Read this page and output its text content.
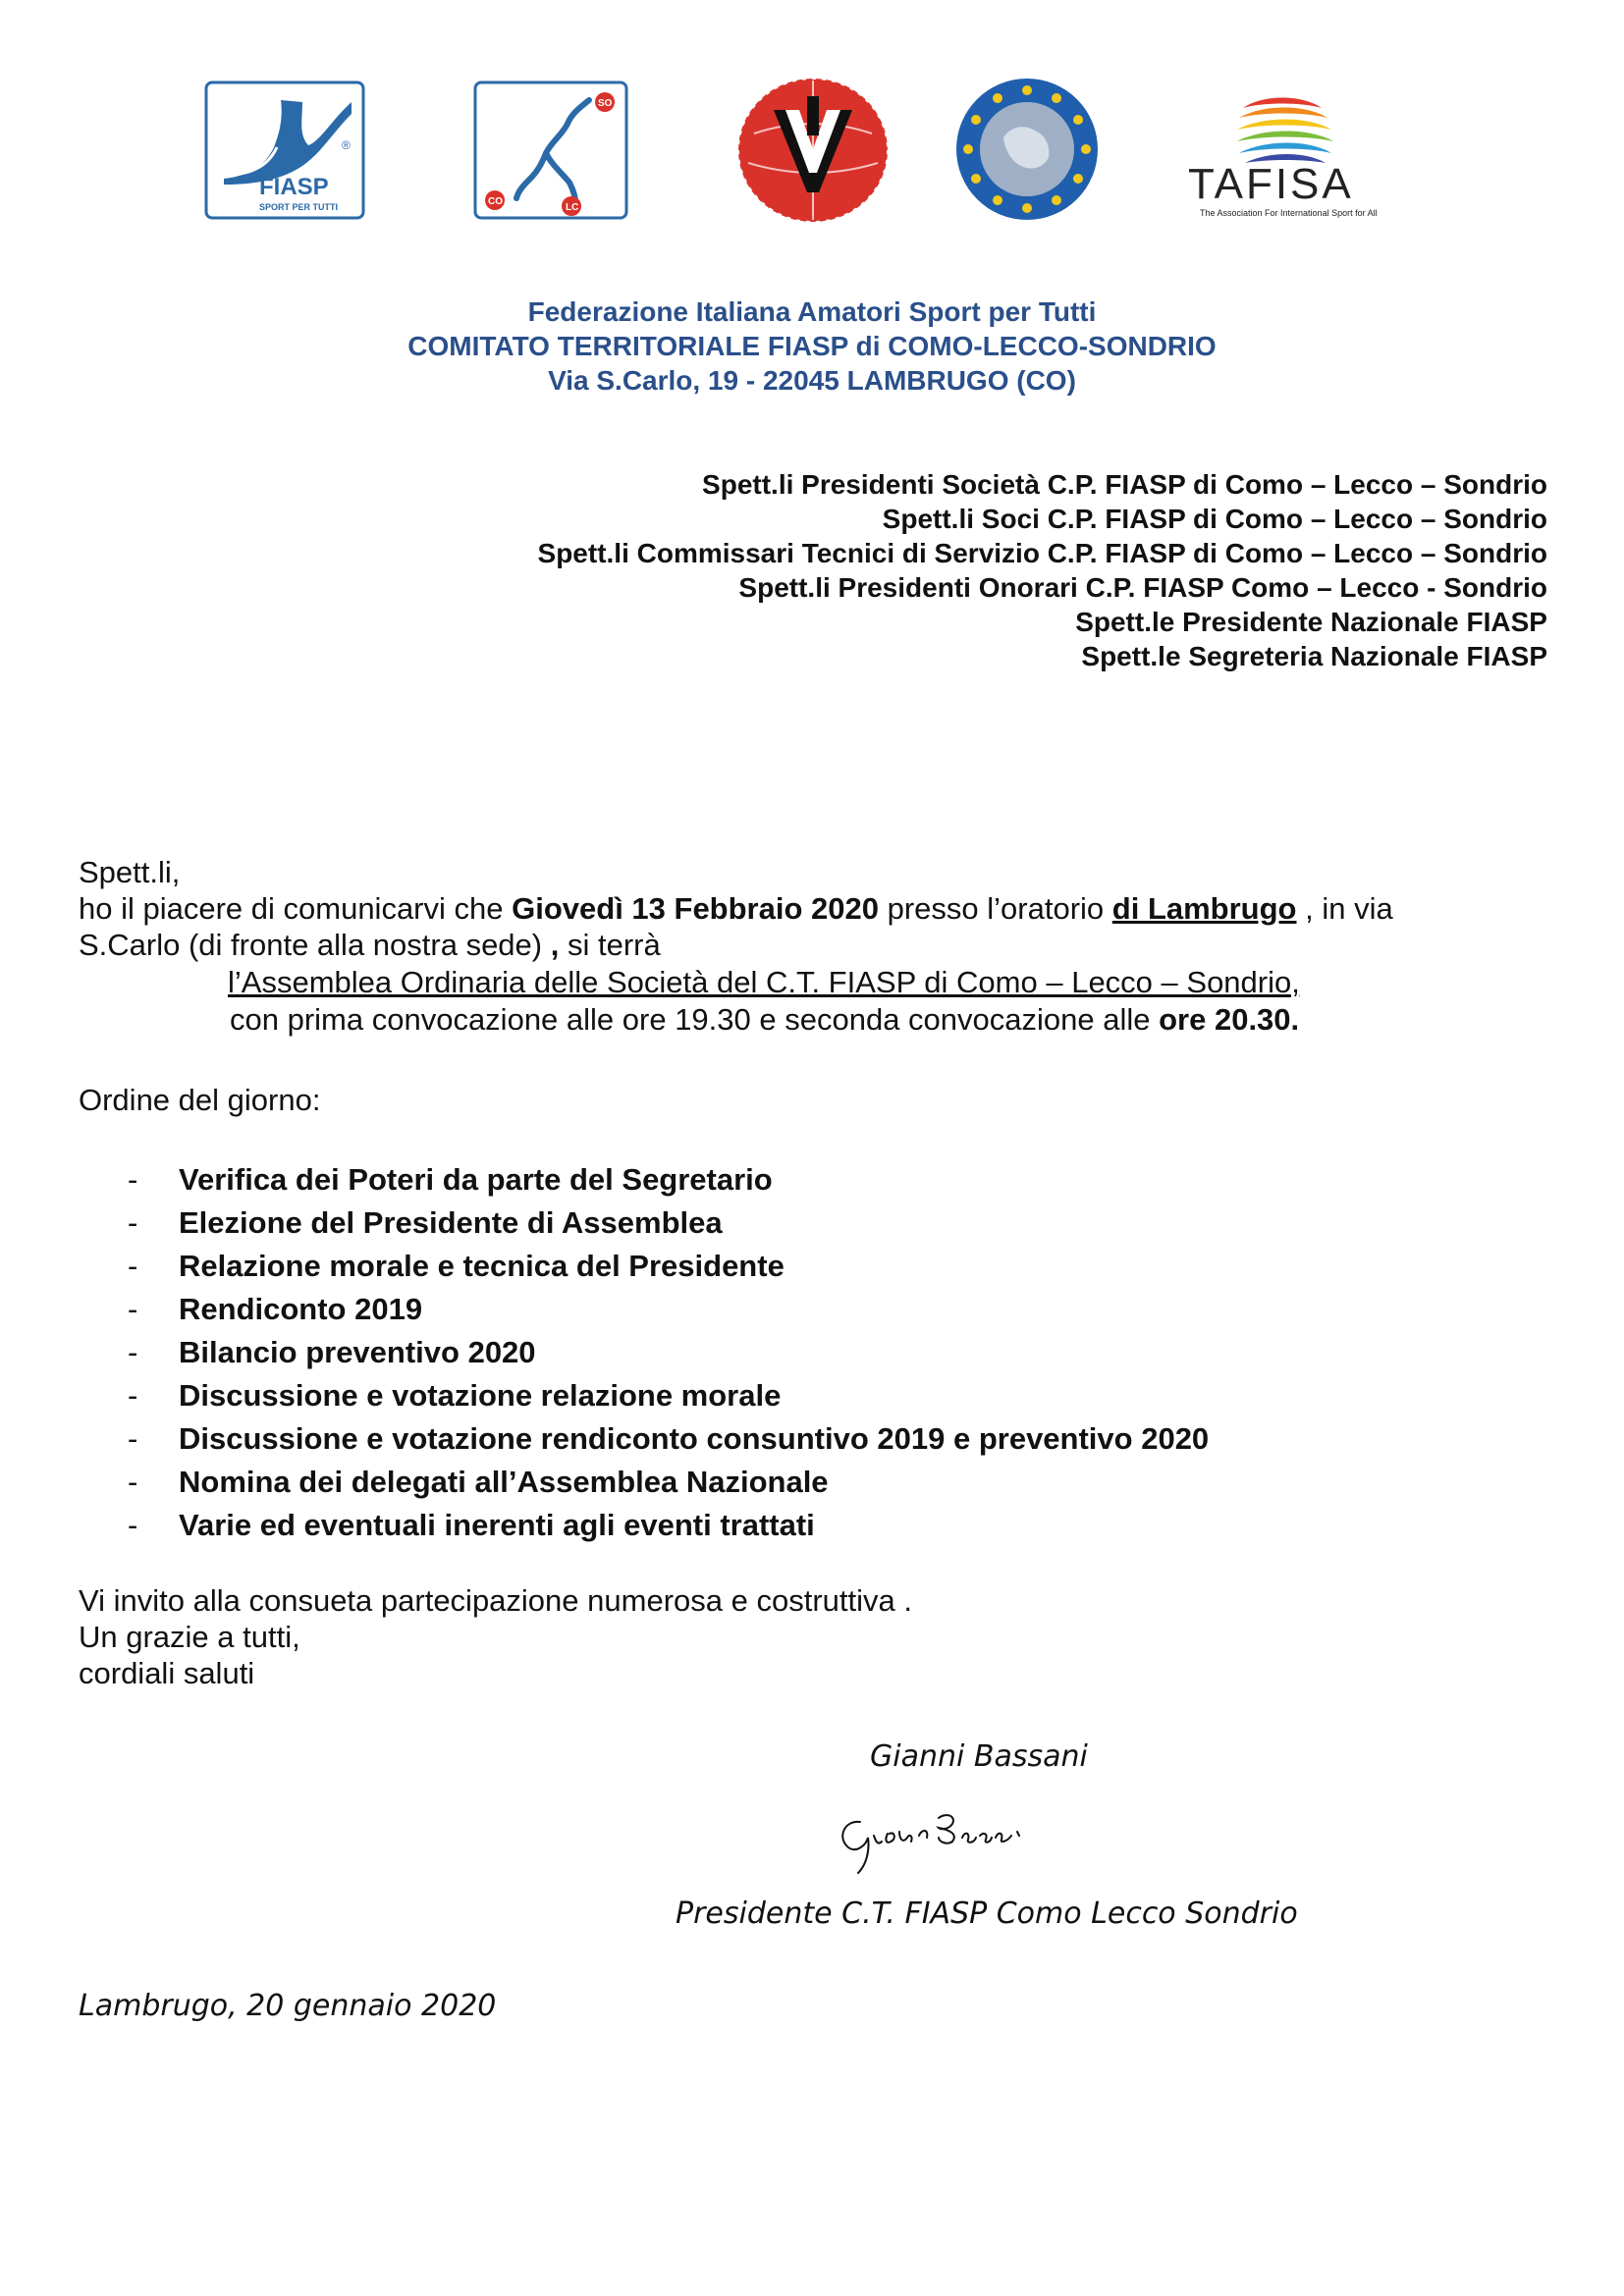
®
FIASP
SPORT PER TUTTI
SO
CO
LC	TAFISA
The Association For International Sport for All
Federazione Italiana Amatori Sport per Tutti
COMITATO TERRITORIALE FIASP di COMO-LECCO-SONDRIO
Via S.Carlo, 19 - 22045 LAMBRUGO (CO)
Spett.li Presidenti Società C.P. FIASP di Como – Lecco – Sondrio
Spett.li Soci C.P. FIASP di Como – Lecco – Sondrio
Spett.li Commissari Tecnici di Servizio C.P. FIASP di Como – Lecco – Sondrio
Spett.li Presidenti Onorari C.P. FIASP Como – Lecco - Sondrio
Spett.le Presidente Nazionale FIASP
Spett.le Segreteria Nazionale FIASP
Spett.li,
ho il piacere di comunicarvi che Giovedì 13 Febbraio 2020 presso l’oratorio di Lambrugo , in via
S.Carlo (di fronte alla nostra sede) , si terrà
l’Assemblea Ordinaria delle Società del C.T. FIASP di Como – Lecco – Sondrio,
con prima convocazione alle ore 19.30 e seconda convocazione alle ore 20.30.
Ordine del giorno:
- Verifica dei Poteri da parte del Segretario
- Elezione del Presidente di Assemblea
- Relazione morale e tecnica del Presidente
- Rendiconto 2019
- Bilancio preventivo 2020
- Discussione e votazione relazione morale
- Discussione e votazione rendiconto consuntivo 2019 e preventivo 2020
- Nomina dei delegati all’Assemblea Nazionale
- Varie ed eventuali inerenti agli eventi trattati
Vi invito alla consueta partecipazione numerosa e costruttiva .
Un grazie a tutti,
cordiali saluti
Gianni Bassani
Presidente C.T. FIASP Como Lecco Sondrio
Lambrugo, 20 gennaio 2020
